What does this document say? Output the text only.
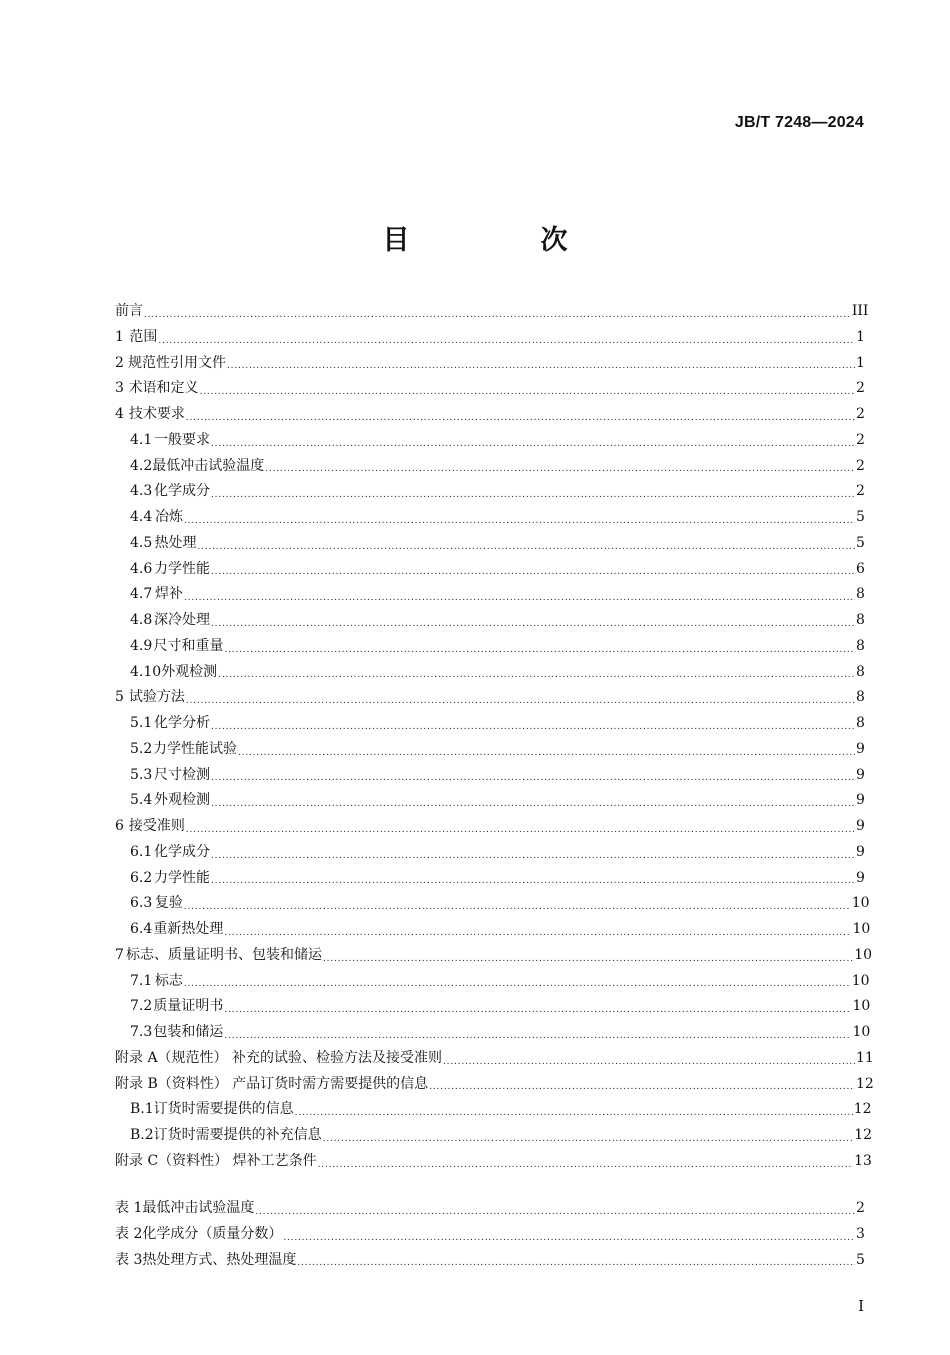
JB/T 7248—2024
目　次
前言 .....	III
1 范围 .....	1
2 规范性引用文件 .....	1
3 术语和定义 .....	2
4 技术要求 .....	2
4.1 一般要求 .....	2
4.2 最低冲击试验温度 .....	2
4.3 化学成分 .....	2
4.4 冶炼 .....	5
4.5 热处理 .....	5
4.6 力学性能 .....	6
4.7 焊补 .....	8
4.8 深冷处理 .....	8
4.9 尺寸和重量 .....	8
4.10 外观检测 .....	8
5 试验方法 .....	8
5.1 化学分析 .....	8
5.2 力学性能试验 .....	9
5.3 尺寸检测 .....	9
5.4 外观检测 .....	9
6 接受准则 .....	9
6.1 化学成分 .....	9
6.2 力学性能 .....	9
6.3 复验 .....	10
6.4 重新热处理 .....	10
7 标志、质量证明书、包装和储运 .....	10
7.1 标志 .....	10
7.2 质量证明书 .....	10
7.3 包装和储运 .....	10
附录 A（规范性） 补充的试验、检验方法及接受准则 .....	11
附录 B（资料性） 产品订货时需方需要提供的信息 .....	12
B.1 订货时需要提供的信息 .....	12
B.2 订货时需要提供的补充信息 .....	12
附录 C（资料性） 焊补工艺条件 .....	13
表 1 最低冲击试验温度 .....	2
表 2 化学成分（质量分数） .....	3
表 3 热处理方式、热处理温度 .....	5
I
